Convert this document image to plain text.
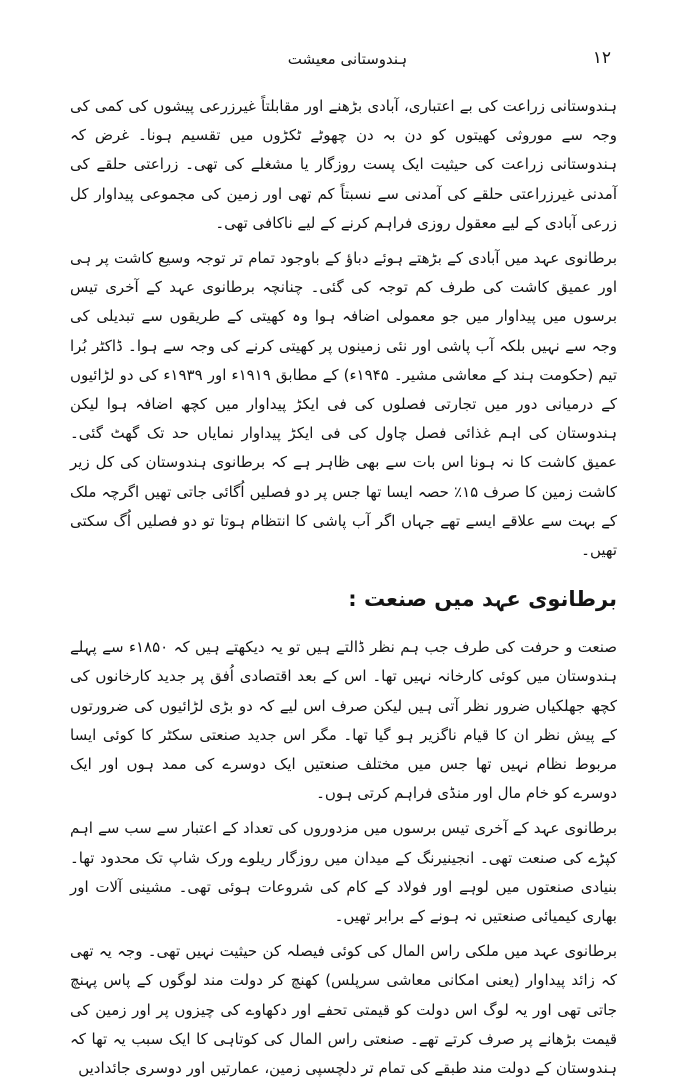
۱۲
ہندوستانی معیشت

ہندوستانی زراعت کی بے اعتباری، آبادی بڑھنے اور مقابلتاً غیرزرعی پیشوں کی کمی کی وجہ سے موروثی کھیتوں کو دن بہ دن چھوٹے ٹکڑوں میں تقسیم ہونا۔ غرض کہ ہندوستانی زراعت کی حیثیت ایک پست روزگار یا مشغلے کی تھی۔ زراعتی حلقے کی آمدنی غیرزراعتی حلقے کی آمدنی سے نسبتاً کم تھی اور زمین کی مجموعی پیداوار کل زرعی آبادی کے لیے معقول روزی فراہم کرنے کے لیے ناکافی تھی۔

برطانوی عہد میں آبادی کے بڑھتے ہوئے دباؤ کے باوجود تمام تر توجہ وسیع کاشت پر ہی اور عمیق کاشت کی طرف کم توجہ کی گئی۔ چنانچہ برطانوی عہد کے آخری تیس برسوں میں پیداوار میں جو معمولی اضافہ ہوا وہ کھیتی کے طریقوں سے تبدیلی کی وجہ سے نہیں بلکہ آب پاشی اور نئی زمینوں پر کھیتی کرنے کی وجہ سے ہوا۔ ڈاکٹر بُرا تیم (حکومت ہند کے معاشی مشیر۔ ۱۹۴۵ء) کے مطابق ۱۹۱۹ء اور ۱۹۳۹ء کی دو لڑائیوں کے درمیانی دور میں تجارتی فصلوں کی فی ایکڑ پیداوار میں کچھ اضافہ ہوا لیکن ہندوستان کی اہم غذائی فصل چاول کی فی ایکڑ پیداوار نمایاں حد تک گھٹ گئی۔ عمیق کاشت کا نہ ہونا اس بات سے بھی ظاہر ہے کہ برطانوی ہندوستان کی کل زیر کاشت زمین کا صرف ۱۵٪ حصہ ایسا تھا جس پر دو فصلیں اُگائی جاتی تھیں اگرچہ ملک کے بہت سے علاقے ایسے تھے جہاں اگر آب پاشی کا انتظام ہوتا تو دو فصلیں اُگ سکتی تھیں۔

برطانوی عہد میں صنعت :

صنعت و حرفت کی طرف جب ہم نظر ڈالتے ہیں تو یہ دیکھتے ہیں کہ ۱۸۵۰ء سے پہلے ہندوستان میں کوئی کارخانہ نہیں تھا۔ اس کے بعد اقتصادی اُفق پر جدید کارخانوں کی کچھ جھلکیاں ضرور نظر آتی ہیں لیکن صرف اس لیے کہ دو بڑی لڑائیوں کی ضرورتوں کے پیش نظر ان کا قیام ناگزیر ہو گیا تھا۔ مگر اس جدید صنعتی سکٹر کا کوئی ایسا مربوط نظام نہیں تھا جس میں مختلف صنعتیں ایک دوسرے کی ممد ہوں اور ایک دوسرے کو خام مال اور منڈی فراہم کرتی ہوں۔

برطانوی عہد کے آخری تیس برسوں میں مزدوروں کی تعداد کے اعتبار سے سب سے اہم کپڑے کی صنعت تھی۔ انجینیرنگ کے میدان میں روزگار ریلوے ورک شاپ تک محدود تھا۔ بنیادی صنعتوں میں لوہے اور فولاد کے کام کی شروعات ہوئی تھی۔ مشینی آلات اور بھاری کیمیائی صنعتیں نہ ہونے کے برابر تھیں۔

برطانوی عہد میں ملکی راس المال کی کوئی فیصلہ کن حیثیت نہیں تھی۔ وجہ یہ تھی کہ زائد پیداوار (یعنی امکانی معاشی سرپلس) کھنچ کر دولت مند لوگوں کے پاس پہنچ جاتی تھی اور یہ لوگ اس دولت کو قیمتی تحفے اور دکھاوے کی چیزوں پر اور زمین کی قیمت بڑھانے پر صرف کرتے تھے۔ صنعتی راس المال کی کوتاہی کا ایک سبب یہ تھا کہ ہندوستان کے دولت مند طبقے کی تمام تر دلچسپی زمین، عمارتیں اور دوسری جائدادیں
